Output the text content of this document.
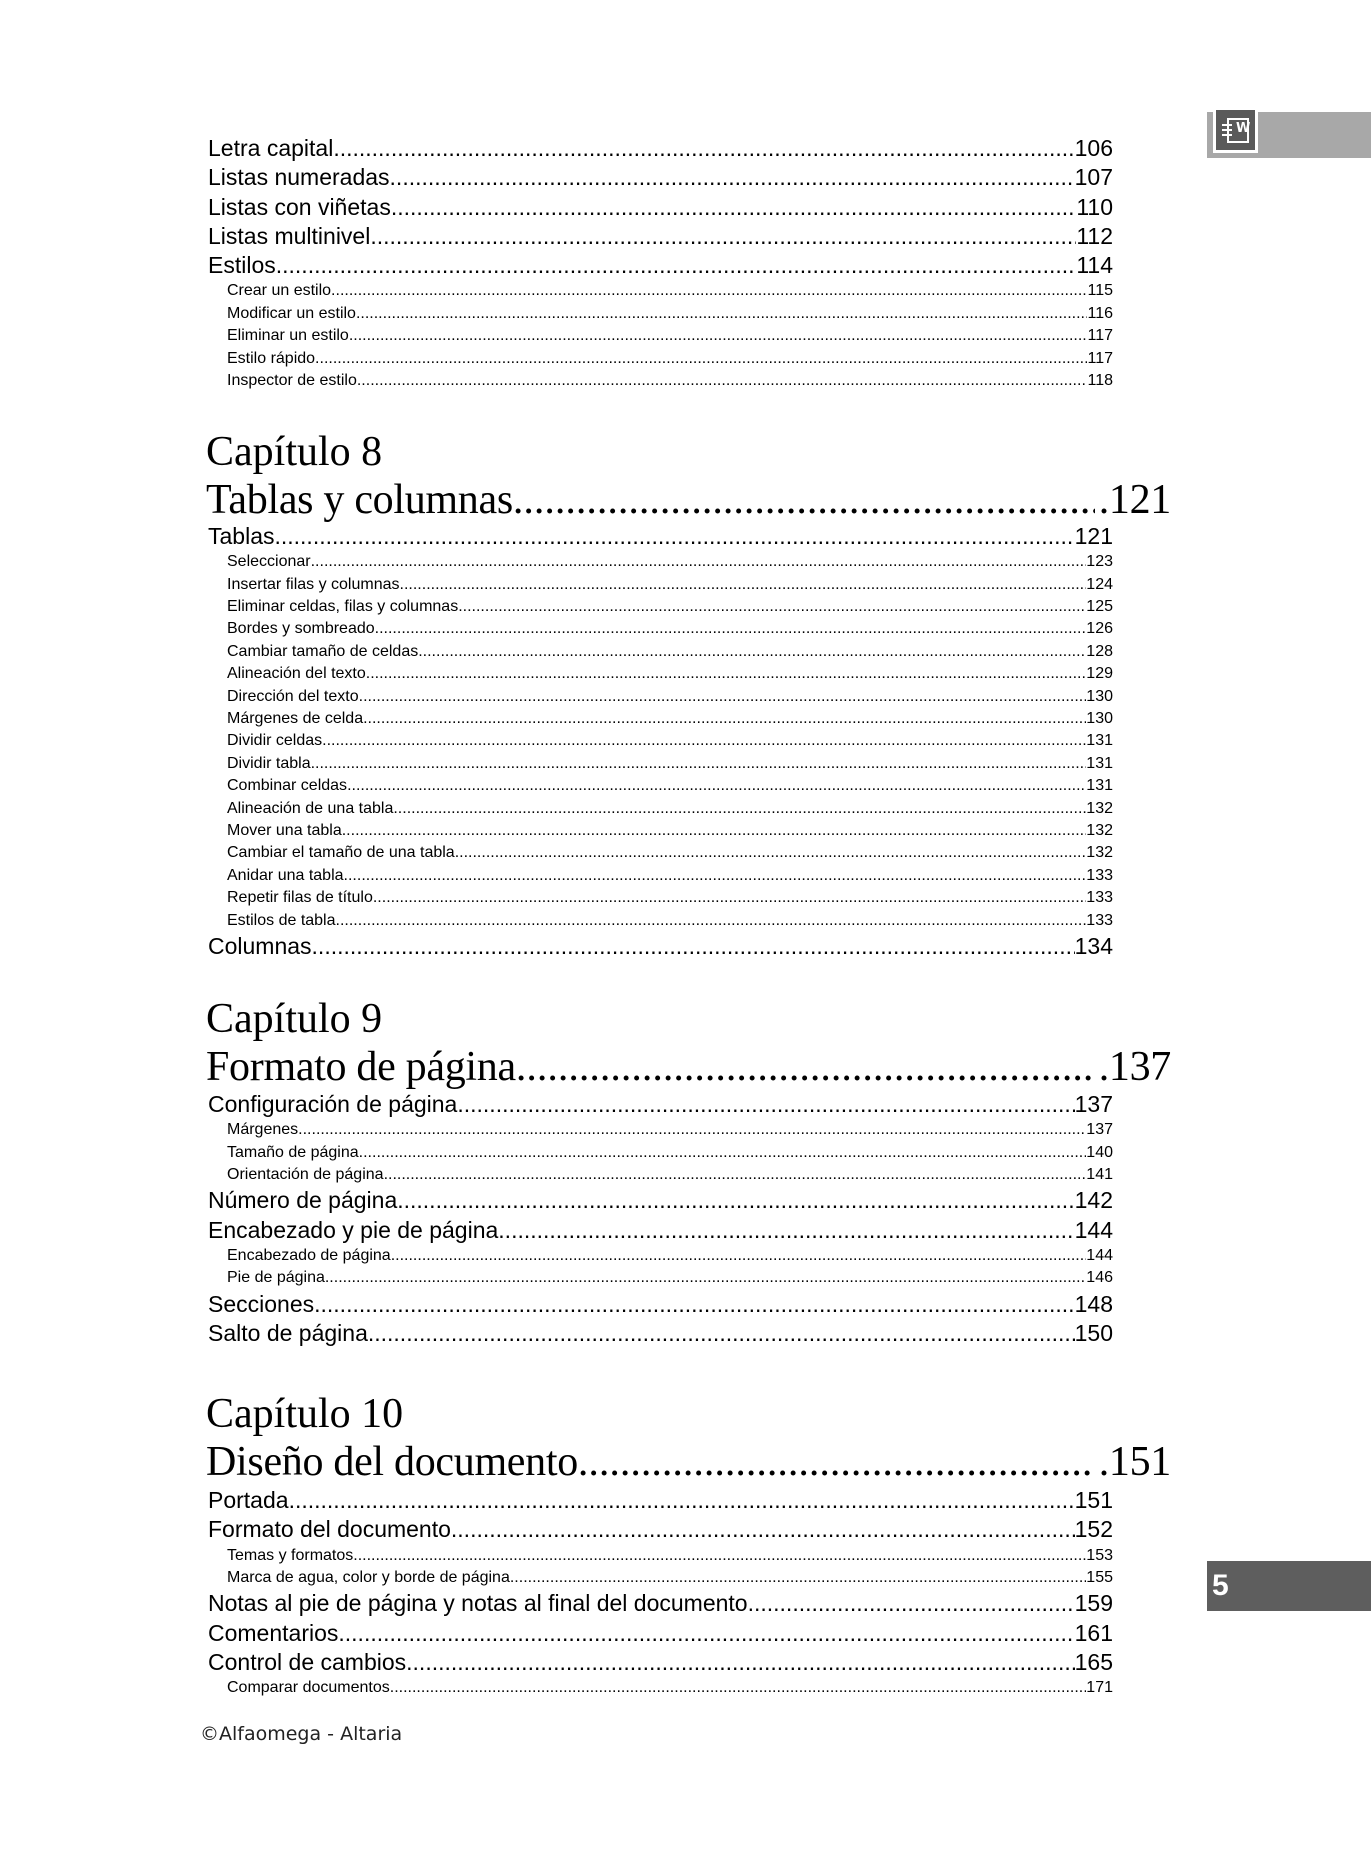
W
Letra capital .....	106
Listas numeradas .....	107
Listas con viñetas .....	110
Listas multinivel .....	112
Estilos .....	114
Crear un estilo .....	115
Modificar un estilo .....	116
Eliminar un estilo .....	117
Estilo rápido .....	117
Inspector de estilo .....	118
Capítulo 8
Tablas y columnas .....	.121
Tablas .....	121
Seleccionar .....	123
Insertar filas y columnas .....	124
Eliminar celdas, filas y columnas .....	125
Bordes y sombreado .....	126
Cambiar tamaño de celdas .....	128
Alineación del texto .....	129
Dirección del texto .....	130
Márgenes de celda .....	130
Dividir celdas .....	131
Dividir tabla .....	131
Combinar celdas .....	131
Alineación de una tabla .....	132
Mover una tabla .....	132
Cambiar el tamaño de una tabla .....	132
Anidar una tabla .....	133
Repetir filas de título .....	133
Estilos de tabla .....	133
Columnas .....	134
Capítulo 9
Formato de página .....	.137
Configuración de página .....	137
Márgenes .....	137
Tamaño de página .....	140
Orientación de página .....	141
Número de página .....	142
Encabezado y pie de página .....	144
Encabezado de página .....	144
Pie de página .....	146
Secciones .....	148
Salto de página .....	150
Capítulo 10
Diseño del documento .....	.151
Portada .....	151
Formato del documento .....	152
Temas y formatos .....	153
Marca de agua, color y borde de página .....	155
Notas al pie de página y notas al final del documento .....	159
Comentarios .....	161
Control de cambios .....	165
Comparar documentos .....	171
5
©Alfaomega - Altaria
